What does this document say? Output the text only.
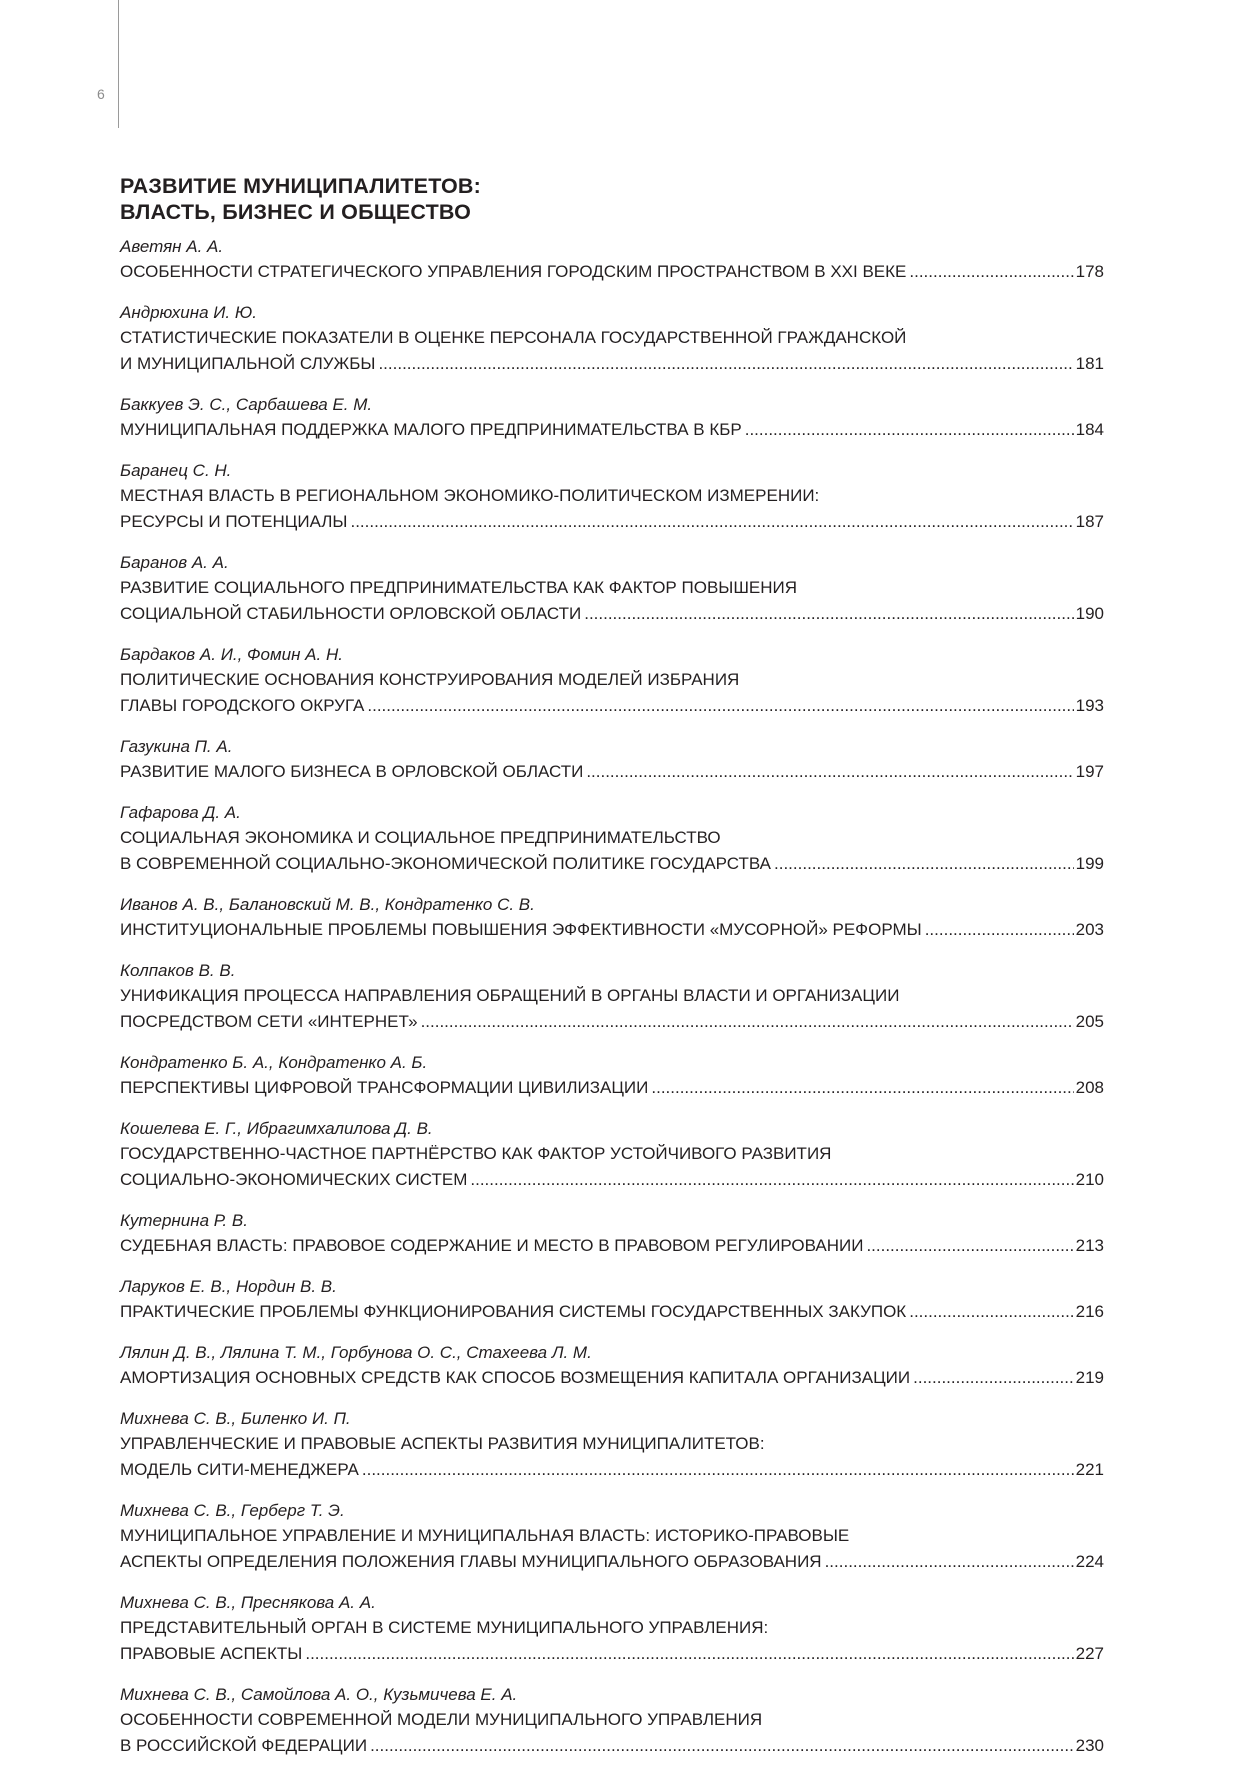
6
РАЗВИТИЕ МУНИЦИПАЛИТЕТОВ:
ВЛАСТЬ, БИЗНЕС И ОБЩЕСТВО
Аветян А. А.
ОСОБЕННОСТИ СТРАТЕГИЧЕСКОГО УПРАВЛЕНИЯ ГОРОДСКИМ ПРОСТРАНСТВОМ В XXI ВЕКЕ .....	178
Андрюхина И. Ю.
СТАТИСТИЧЕСКИЕ ПОКАЗАТЕЛИ В ОЦЕНКЕ ПЕРСОНАЛА ГОСУДАРСТВЕННОЙ ГРАЖДАНСКОЙ
И МУНИЦИПАЛЬНОЙ СЛУЖБЫ .....	181
Баккуев Э. С., Сарбашева Е. М.
МУНИЦИПАЛЬНАЯ ПОДДЕРЖКА МАЛОГО ПРЕДПРИНИМАТЕЛЬСТВА В КБР .....	184
Баранец С. Н.
МЕСТНАЯ ВЛАСТЬ В РЕГИОНАЛЬНОМ ЭКОНОМИКО-ПОЛИТИЧЕСКОМ ИЗМЕРЕНИИ:
РЕСУРСЫ И ПОТЕНЦИАЛЫ .....	187
Баранов А. А.
РАЗВИТИЕ СОЦИАЛЬНОГО ПРЕДПРИНИМАТЕЛЬСТВА КАК ФАКТОР ПОВЫШЕНИЯ
СОЦИАЛЬНОЙ СТАБИЛЬНОСТИ ОРЛОВСКОЙ ОБЛАСТИ .....	190
Бардаков А. И., Фомин А. Н.
ПОЛИТИЧЕСКИЕ ОСНОВАНИЯ КОНСТРУИРОВАНИЯ МОДЕЛЕЙ ИЗБРАНИЯ
ГЛАВЫ ГОРОДСКОГО ОКРУГА .....	193
Газукина П. А.
РАЗВИТИЕ МАЛОГО БИЗНЕСА В ОРЛОВСКОЙ ОБЛАСТИ .....	197
Гафарова Д. А.
СОЦИАЛЬНАЯ ЭКОНОМИКА И СОЦИАЛЬНОЕ ПРЕДПРИНИМАТЕЛЬСТВО
В СОВРЕМЕННОЙ СОЦИАЛЬНО-ЭКОНОМИЧЕСКОЙ ПОЛИТИКЕ ГОСУДАРСТВА .....	199
Иванов А. В., Балановский М. В., Кондратенко С. В.
ИНСТИТУЦИОНАЛЬНЫЕ ПРОБЛЕМЫ ПОВЫШЕНИЯ ЭФФЕКТИВНОСТИ «МУСОРНОЙ» РЕФОРМЫ .....	203
Колпаков В. В.
УНИФИКАЦИЯ ПРОЦЕССА НАПРАВЛЕНИЯ ОБРАЩЕНИЙ В ОРГАНЫ ВЛАСТИ И ОРГАНИЗАЦИИ
ПОСРЕДСТВОМ СЕТИ «ИНТЕРНЕТ» .....	205
Кондратенко Б. А., Кондратенко А. Б.
ПЕРСПЕКТИВЫ ЦИФРОВОЙ ТРАНСФОРМАЦИИ ЦИВИЛИЗАЦИИ .....	208
Кошелева Е. Г., Ибрагимхалилова Д. В.
ГОСУДАРСТВЕННО-ЧАСТНОЕ ПАРТНЁРСТВО КАК ФАКТОР УСТОЙЧИВОГО РАЗВИТИЯ
СОЦИАЛЬНО-ЭКОНОМИЧЕСКИХ СИСТЕМ .....	210
Кутернина Р. В.
СУДЕБНАЯ ВЛАСТЬ: ПРАВОВОЕ СОДЕРЖАНИЕ И МЕСТО В ПРАВОВОМ РЕГУЛИРОВАНИИ .....	213
Ларуков Е. В., Нордин В. В.
ПРАКТИЧЕСКИЕ ПРОБЛЕМЫ ФУНКЦИОНИРОВАНИЯ СИСТЕМЫ ГОСУДАРСТВЕННЫХ ЗАКУПОК .....	216
Лялин Д. В., Лялина Т. М., Горбунова О. С., Стахеева Л. М.
АМОРТИЗАЦИЯ ОСНОВНЫХ СРЕДСТВ КАК СПОСОБ ВОЗМЕЩЕНИЯ КАПИТАЛА ОРГАНИЗАЦИИ .....	219
Михнева С. В., Биленко И. П.
УПРАВЛЕНЧЕСКИЕ И ПРАВОВЫЕ АСПЕКТЫ РАЗВИТИЯ МУНИЦИПАЛИТЕТОВ:
МОДЕЛЬ СИТИ-МЕНЕДЖЕРА .....	221
Михнева С. В., Герберг Т. Э.
МУНИЦИПАЛЬНОЕ УПРАВЛЕНИЕ И МУНИЦИПАЛЬНАЯ ВЛАСТЬ: ИСТОРИКО-ПРАВОВЫЕ
АСПЕКТЫ ОПРЕДЕЛЕНИЯ ПОЛОЖЕНИЯ ГЛАВЫ МУНИЦИПАЛЬНОГО ОБРАЗОВАНИЯ .....	224
Михнева С. В., Преснякова А. А.
ПРЕДСТАВИТЕЛЬНЫЙ ОРГАН В СИСТЕМЕ МУНИЦИПАЛЬНОГО УПРАВЛЕНИЯ:
ПРАВОВЫЕ АСПЕКТЫ .....	227
Михнева С. В., Самойлова А. О., Кузьмичева Е. А.
ОСОБЕННОСТИ СОВРЕМЕННОЙ МОДЕЛИ МУНИЦИПАЛЬНОГО УПРАВЛЕНИЯ
В РОССИЙСКОЙ ФЕДЕРАЦИИ .....	230
